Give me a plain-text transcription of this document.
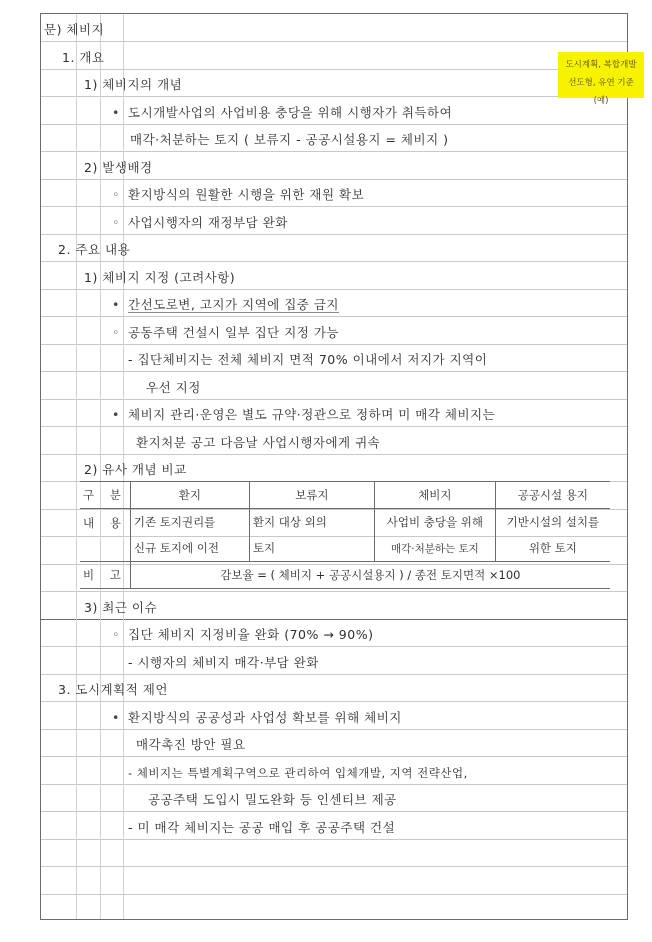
도시계획, 복합개발
선도형, 유연 기준 (예)
문) 체비지
1. 개요
1) 체비지의 개념
• 도시개발사업의 사업비용 충당을 위해 시행자가 취득하여
매각·처분하는 토지 ( 보류지 - 공공시설용지 = 체비지 )
2) 발생배경
◦ 환지방식의 원활한 시행을 위한 재원 확보
◦ 사업시행자의 재정부담 완화
2. 주요 내용
1) 체비지 지정 (고려사항)
• 간선도로변, 고지가 지역에 집중 금지
◦ 공동주택 건설시 일부 집단 지정 가능
- 집단체비지는 전체 체비지 면적 70% 이내에서 저지가 지역이
우선 지정
• 체비지 관리·운영은 별도 규약·정관으로 정하며 미 매각 체비지는
환지처분 공고 다음날 사업시행자에게 귀속
2) 유사 개념 비교
구 분	환지	보류지	체비지	공공시설 용지
내 용	기존 토지권리를	환지 대상 외의	사업비 충당을 위해	기반시설의 설치를
	신규 토지에 이전	토지	매각·처분하는 토지	위한 토지
비 고	감보율 = ( 체비지 + 공공시설용지 ) / 종전 토지면적 ×100			
3) 최근 이슈
◦ 집단 체비지 지정비율 완화 (70% → 90%)
- 시행자의 체비지 매각·부담 완화
3. 도시계획적 제언
• 환지방식의 공공성과 사업성 확보를 위해 체비지
매각촉진 방안 필요
- 체비지는 특별계획구역으로 관리하여 입체개발, 지역 전략산업,
공공주택 도입시 밀도완화 등 인센티브 제공
- 미 매각 체비지는 공공 매입 후 공공주택 건설
